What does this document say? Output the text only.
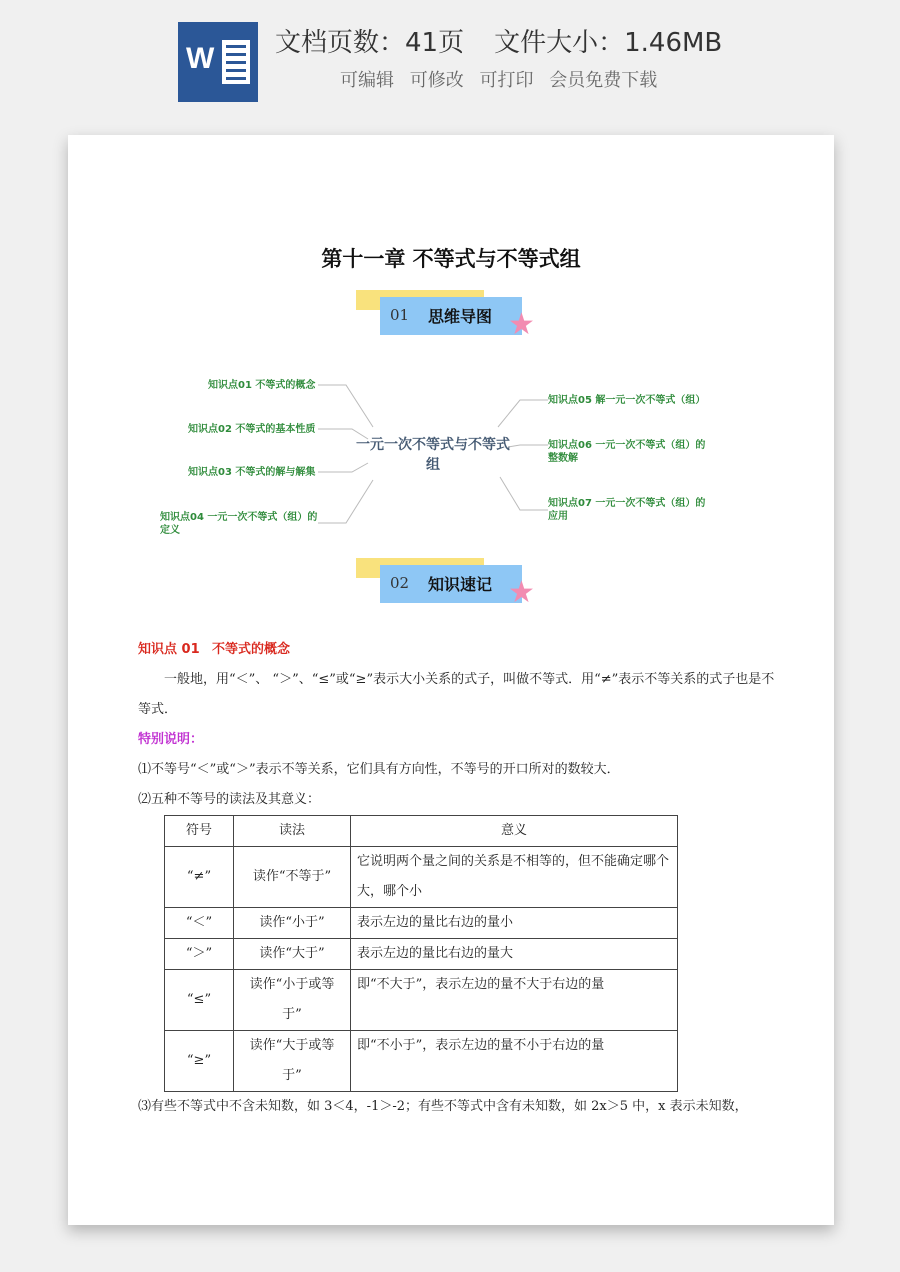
W 文档页数：41页 文件大小：1.46MB
可编辑 可修改 可打印 会员免费下载
第十一章 不等式与不等式组
01 思维导图 ★
一元一次不等式与不等式组
知识点01 不等式的概念
知识点02 不等式的基本性质
知识点03 不等式的解与解集
知识点04 一元一次不等式（组）的定义
知识点05 解一元一次不等式（组）
知识点06 一元一次不等式（组）的整数解
知识点07 一元一次不等式（组）的应用
02 知识速记 ★

知识点 01 不等式的概念

一般地，用“＜”、 “＞”、“≤”或“≥”表示大小关系的式子，叫做不等式．用“≠”表示不等关系的式子也是不等式．

特别说明：

⑴不等号“＜”或“＞”表示不等关系，它们具有方向性，不等号的开口所对的数较大．

⑵五种不等号的读法及其意义：

符号	读法	意义
“≠”	读作“不等于”	它说明两个量之间的关系是不相等的，但不能确定哪个大，哪个小
“＜”	读作“小于”	表示左边的量比右边的量小
“＞”	读作“大于”	表示左边的量比右边的量大
“≤”	读作“小于或等于”	即“不大于”，表示左边的量不大于右边的量
“≥”	读作“大于或等于”	即“不小于”，表示左边的量不小于右边的量

⑶有些不等式中不含未知数，如 3＜4，-1＞-2；有些不等式中含有未知数，如 2x＞5 中，x 表示未知数，
